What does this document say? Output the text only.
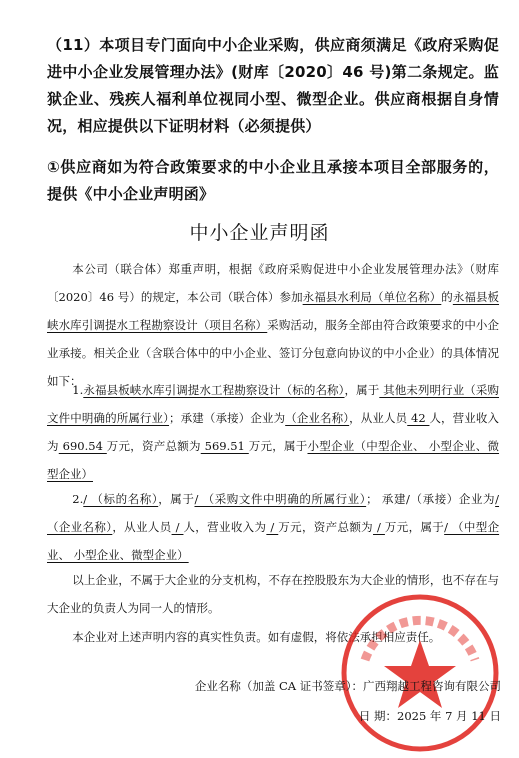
（11）本项目专门面向中小企业采购，供应商须满足《政府采购促进中小企业发展管理办法》(财库〔2020〕46 号)第二条规定。监狱企业、残疾人福利单位视同小型、微型企业。供应商根据自身情况，相应提供以下证明材料（必须提供）
①供应商如为符合政策要求的中小企业且承接本项目全部服务的，提供《中小企业声明函》
中小企业声明函
本公司（联合体）郑重声明，根据《政府采购促进中小企业发展管理办法》（财库〔2020〕46 号）的规定，本公司（联合体）参加永福县水利局（单位名称）的永福县板峡水库引调提水工程勘察设计（项目名称）采购活动，服务全部由符合政策要求的中小企业承接。相关企业（含联合体中的中小企业、签订分包意向协议的中小企业）的具体情况如下：
1.永福县板峡水库引调提水工程勘察设计（标的名称），属于 其他未列明行业（采购文件中明确的所属行业）；承建（承接）企业为（企业名称），从业人员 42 人，营业收入为 690.54 万元，资产总额为 569.51 万元，属于小型企业（中型企业、 小型企业、微型企业）
2./ （标的名称），属于/ （采购文件中明确的所属行业）； 承建/（承接）企业为/ （企业名称），从业人员 / 人，营业收入为 / 万元，资产总额为 / 万元，属于/ （中型企业、 小型企业、微型企业）
以上企业，不属于大企业的分支机构，不存在控股股东为大企业的情形，也不存在与大企业的负责人为同一人的情形。
本企业对上述声明内容的真实性负责。如有虚假，将依法承担相应责任。
企业名称（加盖 CA 证书签章）：广西翔越工程咨询有限公司
日 期：2025 年 7 月 11 日
